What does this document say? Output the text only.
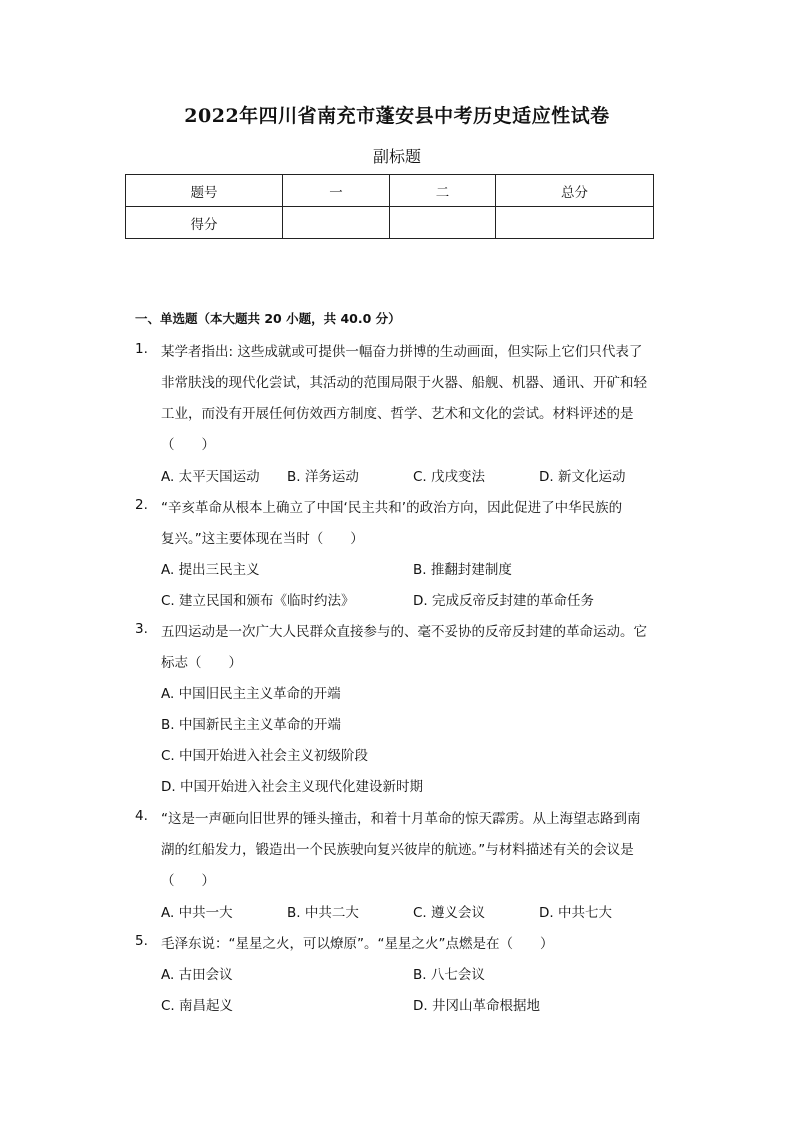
2022年四川省南充市蓬安县中考历史适应性试卷
副标题
题号	一	二	总分
得分			
一、单选题（本大题共 20 小题，共 40.0 分）
1. 某学者指出: 这些成就或可提供一幅奋力拼博的生动画面，但实际上它们只代表了
非常肤浅的现代化尝试，其活动的范围局限于火器、船舰、机器、通讯、开矿和轻
工业，而没有开展任何仿效西方制度、哲学、艺术和文化的尝试。材料评述的是
（　　）
A. 太平天国运动 B. 洋务运动	C. 戊戌变法	D. 新文化运动
2. “辛亥革命从根本上确立了中国‘民主共和’的政治方向，因此促进了中华民族的
复兴。”这主要体现在当时（　　）
A. 提出三民主义	B. 推翻封建制度
C. 建立民国和颁布《临时约法》	D. 完成反帝反封建的革命任务
3. 五四运动是一次广大人民群众直接参与的、毫不妥协的反帝反封建的革命运动。它
标志（　　）
A. 中国旧民主主义革命的开端
B. 中国新民主主义革命的开端
C. 中国开始进入社会主义初级阶段
D. 中国开始进入社会主义现代化建设新时期
4. “这是一声砸向旧世界的锤头撞击，和着十月革命的惊天霹雳。从上海望志路到南
湖的红船发力，锻造出一个民族驶向复兴彼岸的航迹。”与材料描述有关的会议是
（　　）
A. 中共一大	B. 中共二大	C. 遵义会议	D. 中共七大
5. 毛泽东说：“星星之火，可以燎原”。“星星之火”点燃是在（　　）
A. 古田会议	B. 八七会议
C. 南昌起义	D. 井冈山革命根据地
